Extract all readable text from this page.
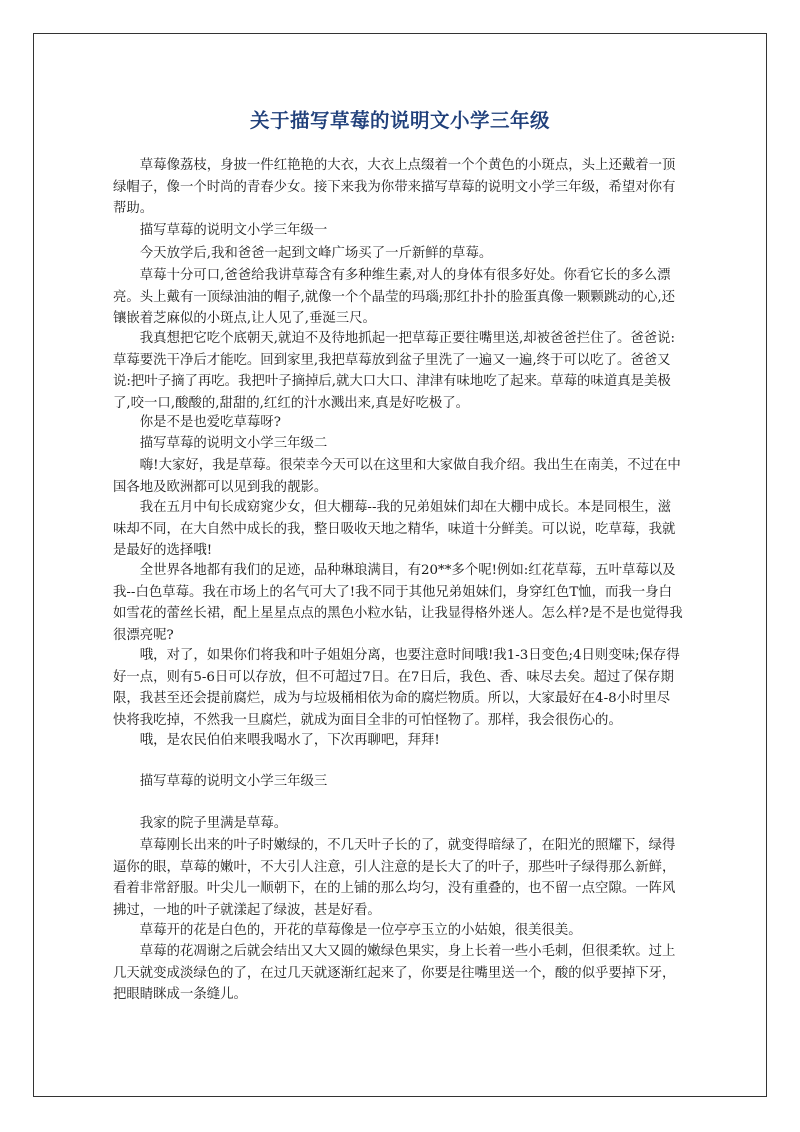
关于描写草莓的说明文小学三年级

草莓像荔枝，身披一件红艳艳的大衣，大衣上点缀着一个个黄色的小斑点，头上还戴着一顶绿帽子，像一个时尚的青春少女。接下来我为你带来描写草莓的说明文小学三年级，希望对你有帮助。

描写草莓的说明文小学三年级一

今天放学后,我和爸爸一起到文峰广场买了一斤新鲜的草莓。

草莓十分可口,爸爸给我讲草莓含有多种维生素,对人的身体有很多好处。你看它长的多么漂亮。头上戴有一顶绿油油的帽子,就像一个个晶莹的玛瑙;那红扑扑的脸蛋真像一颗颗跳动的心,还镶嵌着芝麻似的小斑点,让人见了,垂涎三尺。

我真想把它吃个底朝天,就迫不及待地抓起一把草莓正要往嘴里送,却被爸爸拦住了。爸爸说:草莓要洗干净后才能吃。回到家里,我把草莓放到盆子里洗了一遍又一遍,终于可以吃了。爸爸又说:把叶子摘了再吃。我把叶子摘掉后,就大口大口、津津有味地吃了起来。草莓的味道真是美极了,咬一口,酸酸的,甜甜的,红红的汁水溅出来,真是好吃极了。

你是不是也爱吃草莓呀?

描写草莓的说明文小学三年级二

嗨!大家好，我是草莓。很荣幸今天可以在这里和大家做自我介绍。我出生在南美，不过在中国各地及欧洲都可以见到我的靓影。

我在五月中旬长成窈窕少女，但大棚莓--我的兄弟姐妹们却在大棚中成长。本是同根生，滋味却不同，在大自然中成长的我，整日吸收天地之精华，味道十分鲜美。可以说，吃草莓，我就是最好的选择哦!

全世界各地都有我们的足迹，品种琳琅满目，有20**多个呢!例如:红花草莓，五叶草莓以及我--白色草莓。我在市场上的名气可大了!我不同于其他兄弟姐妹们，身穿红色T恤，而我一身白如雪花的蕾丝长裙，配上星星点点的黑色小粒水钻，让我显得格外迷人。怎么样?是不是也觉得我很漂亮呢?

哦，对了，如果你们将我和叶子姐姐分离，也要注意时间哦!我1-3日变色;4日则变味;保存得好一点，则有5-6日可以存放，但不可超过7日。在7日后，我色、香、味尽去矣。超过了保存期限，我甚至还会提前腐烂，成为与垃圾桶相依为命的腐烂物质。所以，大家最好在4-8小时里尽快将我吃掉，不然我一旦腐烂，就成为面目全非的可怕怪物了。那样，我会很伤心的。

哦，是农民伯伯来喂我喝水了，下次再聊吧，拜拜!

描写草莓的说明文小学三年级三

我家的院子里满是草莓。

草莓刚长出来的叶子时嫩绿的，不几天叶子长的了，就变得暗绿了，在阳光的照耀下，绿得逼你的眼，草莓的嫩叶，不大引人注意，引人注意的是长大了的叶子，那些叶子绿得那么新鲜，看着非常舒服。叶尖儿一顺朝下，在的上铺的那么均匀，没有重叠的，也不留一点空隙。一阵风拂过，一地的叶子就漾起了绿波，甚是好看。

草莓开的花是白色的，开花的草莓像是一位亭亭玉立的小姑娘，很美很美。

草莓的花凋谢之后就会结出又大又圆的嫩绿色果实，身上长着一些小毛刺，但很柔软。过上几天就变成淡绿色的了，在过几天就逐渐红起来了，你要是往嘴里送一个，酸的似乎要掉下牙，把眼睛眯成一条缝儿。
